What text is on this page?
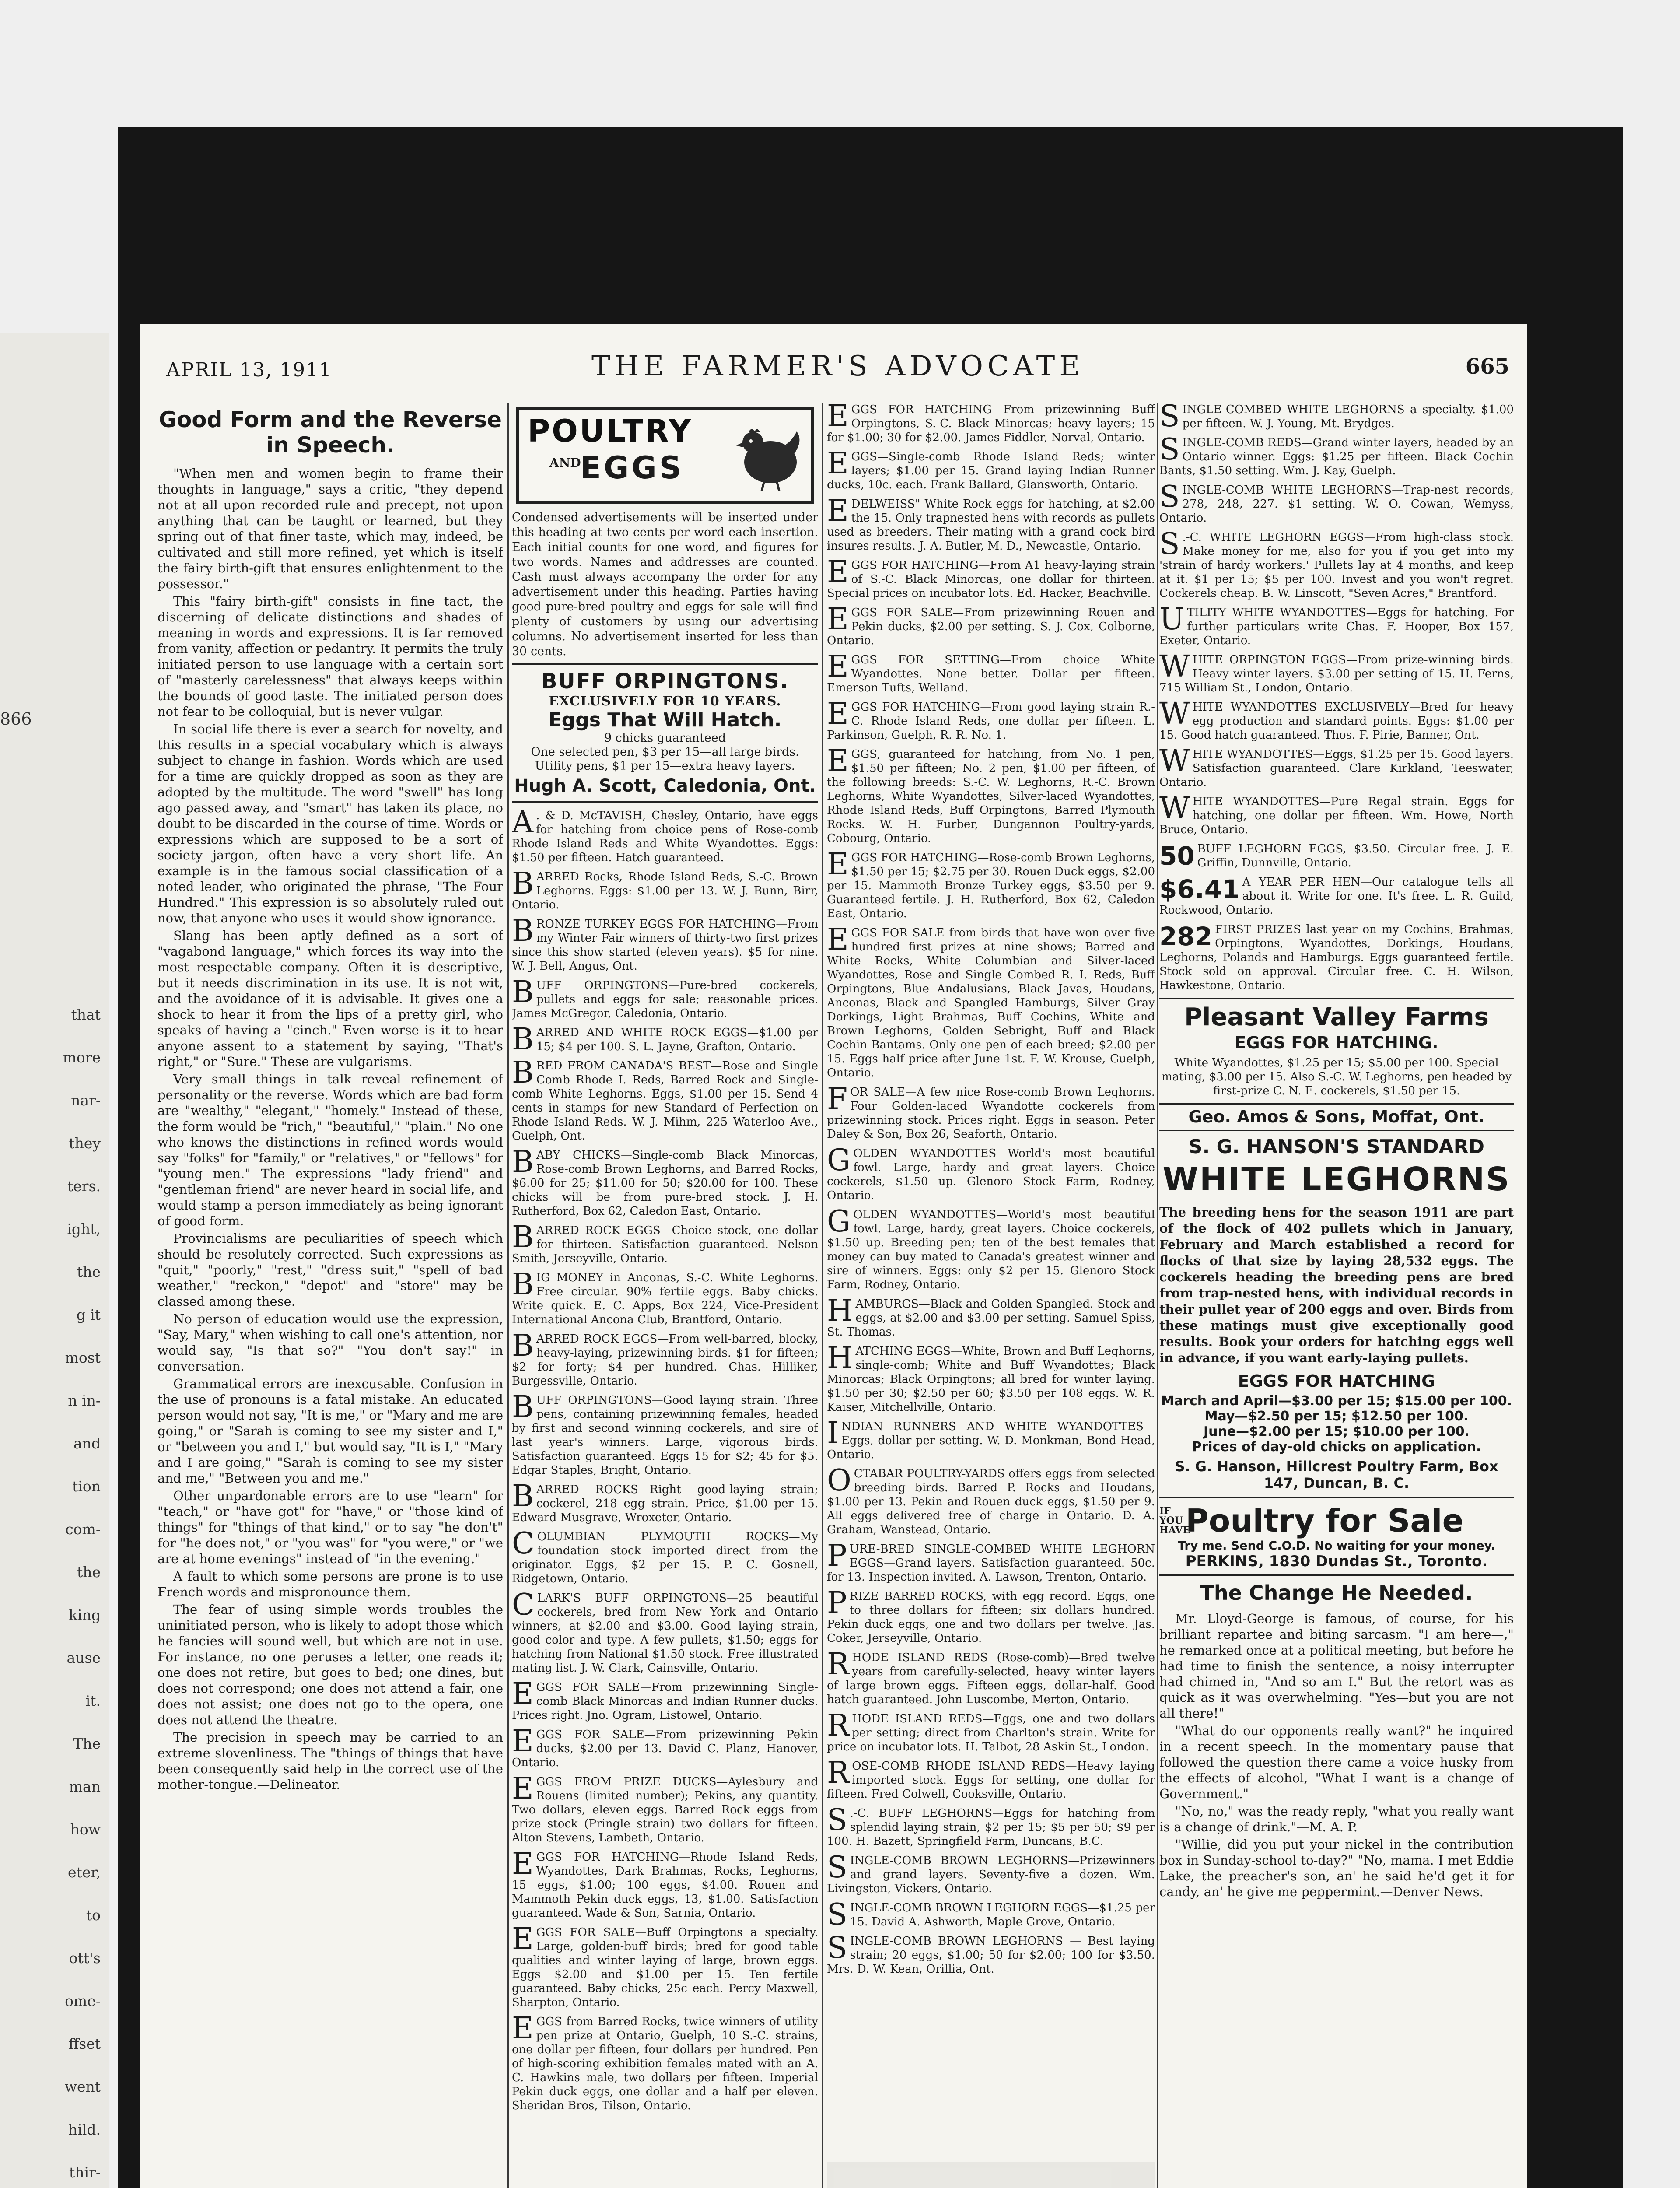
866
that
more
nar-
they
ters.
ight,
the
g it
most
n in-
and
tion
com-
the
king
ause
it.
The
man
how
eter,
to
ott's
ome-
ffset
went
hild.
thir-
APRIL 13, 1911	THE FARMER'S ADVOCATE	665
Good Form and the Reverse in Speech.

"When men and women begin to frame their thoughts in language," says a critic, "they depend not at all upon recorded rule and precept, not upon anything that can be taught or learned, but they spring out of that finer taste, which may, indeed, be cultivated and still more refined, yet which is itself the fairy birth-gift that ensures enlightenment to the possessor."

This "fairy birth-gift" consists in fine tact, the discerning of delicate distinctions and shades of meaning in words and expressions. It is far removed from vanity, affection or pedantry. It permits the truly initiated person to use language with a certain sort of "masterly carelessness" that always keeps within the bounds of good taste. The initiated person does not fear to be colloquial, but is never vulgar.

In social life there is ever a search for novelty, and this results in a special vocabulary which is always subject to change in fashion. Words which are used for a time are quickly dropped as soon as they are adopted by the multitude. The word "swell" has long ago passed away, and "smart" has taken its place, no doubt to be discarded in the course of time. Words or expressions which are supposed to be a sort of society jargon, often have a very short life. An example is in the famous social classification of a noted leader, who originated the phrase, "The Four Hundred." This expression is so absolutely ruled out now, that anyone who uses it would show ignorance.

Slang has been aptly defined as a sort of "vagabond language," which forces its way into the most respectable company. Often it is descriptive, but it needs discrimination in its use. It is not wit, and the avoidance of it is advisable. It gives one a shock to hear it from the lips of a pretty girl, who speaks of having a "cinch." Even worse is it to hear anyone assent to a statement by saying, "That's right," or "Sure." These are vulgarisms.

Very small things in talk reveal refinement of personality or the reverse. Words which are bad form are "wealthy," "elegant," "homely." Instead of these, the form would be "rich," "beautiful," "plain." No one who knows the distinctions in refined words would say "folks" for "family," or "relatives," or "fellows" for "young men." The expressions "lady friend" and "gentleman friend" are never heard in social life, and would stamp a person immediately as being ignorant of good form.

Provincialisms are peculiarities of speech which should be resolutely corrected. Such expressions as "quit," "poorly," "rest," "dress suit," "spell of bad weather," "reckon," "depot" and "store" may be classed among these.

No person of education would use the expression, "Say, Mary," when wishing to call one's attention, nor would say, "Is that so?" "You don't say!" in conversation.

Grammatical errors are inexcusable. Confusion in the use of pronouns is a fatal mistake. An educated person would not say, "It is me," or "Mary and me are going," or "Sarah is coming to see my sister and I," or "between you and I," but would say, "It is I," "Mary and I are going," "Sarah is coming to see my sister and me," "Between you and me."

Other unpardonable errors are to use "learn" for "teach," or "have got" for "have," or "those kind of things" for "things of that kind," or to say "he don't" for "he does not," or "you was" for "you were," or "we are at home evenings" instead of "in the evening."

A fault to which some persons are prone is to use French words and mispronounce them.

The fear of using simple words troubles the uninitiated person, who is likely to adopt those which he fancies will sound well, but which are not in use. For instance, no one peruses a letter, one reads it; one does not retire, but goes to bed; one dines, but does not correspond; one does not attend a fair, one does not assist; one does not go to the opera, one does not attend the theatre.

The precision in speech may be carried to an extreme slovenliness. The "things of things that have been consequently said help in the correct use of the mother-tongue.—Delineator.

POULTRY
AND
EGGS

Condensed advertisements will be inserted under this heading at two cents per word each insertion. Each initial counts for one word, and figures for two words. Names and addresses are counted. Cash must always accompany the order for any advertisement under this heading. Parties having good pure-bred poultry and eggs for sale will find plenty of customers by using our advertising columns. No advertisement inserted for less than 30 cents.

BUFF ORPINGTONS.
EXCLUSIVELY FOR 10 YEARS.
Eggs That Will Hatch.
9 chicks guaranteed
One selected pen, $3 per 15—all large birds. Utility pens, $1 per 15—extra heavy layers.
Hugh A. Scott, Caledonia, Ont.

A . & D. McTAVISH, Chesley, Ontario, have eggs for hatching from choice pens of Rose-comb Rhode Island Reds and White Wyandottes. Eggs: $1.50 per fifteen. Hatch guaranteed.

BARRED Rocks, Rhode Island Reds, S.-C. Brown Leghorns. Eggs: $1.00 per 13. W. J. Bunn, Birr, Ontario.

BRONZE TURKEY EGGS FOR HATCHING—From my Winter Fair winners of thirty-two first prizes since this show started (eleven years). $5 for nine. W. J. Bell, Angus, Ont.

BUFF ORPINGTONS—Pure-bred cockerels, pullets and eggs for sale; reasonable prices. James McGregor, Caledonia, Ontario.

BARRED AND WHITE ROCK EGGS—$1.00 per 15; $4 per 100. S. L. Jayne, Grafton, Ontario.

BRED FROM CANADA'S BEST—Rose and Single Comb Rhode I. Reds, Barred Rock and Single-comb White Leghorns. Eggs, $1.00 per 15. Send 4 cents in stamps for new Standard of Perfection on Rhode Island Reds. W. J. Mihm, 225 Waterloo Ave., Guelph, Ont.

BABY CHICKS—Single-comb Black Minorcas, Rose-comb Brown Leghorns, and Barred Rocks, $6.00 for 25; $11.00 for 50; $20.00 for 100. These chicks will be from pure-bred stock. J. H. Rutherford, Box 62, Caledon East, Ontario.

BARRED ROCK EGGS—Choice stock, one dollar for thirteen. Satisfaction guaranteed. Nelson Smith, Jerseyville, Ontario.

BIG MONEY in Anconas, S.-C. White Leghorns. Free circular. 90% fertile eggs. Baby chicks. Write quick. E. C. Apps, Box 224, Vice-President International Ancona Club, Brantford, Ontario.

BARRED ROCK EGGS—From well-barred, blocky, heavy-laying, prizewinning birds. $1 for fifteen; $2 for forty; $4 per hundred. Chas. Hilliker, Burgessville, Ontario.

BUFF ORPINGTONS—Good laying strain. Three pens, containing prizewinning females, headed by first and second winning cockerels, and sire of last year's winners. Large, vigorous birds. Satisfaction guaranteed. Eggs 15 for $2; 45 for $5. Edgar Staples, Bright, Ontario.

BARRED ROCKS—Right good-laying strain; cockerel, 218 egg strain. Price, $1.00 per 15. Edward Musgrave, Wroxeter, Ontario.

COLUMBIAN PLYMOUTH ROCKS—My foundation stock imported direct from the originator. Eggs, $2 per 15. P. C. Gosnell, Ridgetown, Ontario.

CLARK'S BUFF ORPINGTONS—25 beautiful cockerels, bred from New York and Ontario winners, at $2.00 and $3.00. Good laying strain, good color and type. A few pullets, $1.50; eggs for hatching from National $1.50 stock. Free illustrated mating list. J. W. Clark, Cainsville, Ontario.

EGGS FOR SALE—From prizewinning Single-comb Black Minorcas and Indian Runner ducks. Prices right. Jno. Ogram, Listowel, Ontario.

EGGS FOR SALE—From prizewinning Pekin ducks, $2.00 per 13. David C. Planz, Hanover, Ontario.

EGGS FROM PRIZE DUCKS—Aylesbury and Rouens (limited number); Pekins, any quantity. Two dollars, eleven eggs. Barred Rock eggs from prize stock (Pringle strain) two dollars for fifteen. Alton Stevens, Lambeth, Ontario.

EGGS FOR HATCHING—Rhode Island Reds, Wyandottes, Dark Brahmas, Rocks, Leghorns, 15 eggs, $1.00; 100 eggs, $4.00. Rouen and Mammoth Pekin duck eggs, 13, $1.00. Satisfaction guaranteed. Wade & Son, Sarnia, Ontario.

EGGS FOR SALE—Buff Orpingtons a specialty. Large, golden-buff birds; bred for good table qualities and winter laying of large, brown eggs. Eggs $2.00 and $1.00 per 15. Ten fertile guaranteed. Baby chicks, 25c each. Percy Maxwell, Sharpton, Ontario.

EGGS from Barred Rocks, twice winners of utility pen prize at Ontario, Guelph, 10 S.-C. strains, one dollar per fifteen, four dollars per hundred. Pen of high-scoring exhibition females mated with an A. C. Hawkins male, two dollars per fifteen. Imperial Pekin duck eggs, one dollar and a half per eleven. Sheridan Bros, Tilson, Ontario.

EGGS FOR HATCHING—From prizewinning Buff Orpingtons, S.-C. Black Minorcas; heavy layers; 15 for $1.00; 30 for $2.00. James Fiddler, Norval, Ontario.

EGGS—Single-comb Rhode Island Reds; winter layers; $1.00 per 15. Grand laying Indian Runner ducks, 10c. each. Frank Ballard, Glansworth, Ontario.

EDELWEISS" White Rock eggs for hatching, at $2.00 the 15. Only trapnested hens with records as pullets used as breeders. Their mating with a grand cock bird insures results. J. A. Butler, M. D., Newcastle, Ontario.

EGGS FOR HATCHING—From A1 heavy-laying strain of S.-C. Black Minorcas, one dollar for thirteen. Special prices on incubator lots. Ed. Hacker, Beachville.

EGGS FOR SALE—From prizewinning Rouen and Pekin ducks, $2.00 per setting. S. J. Cox, Colborne, Ontario.

EGGS FOR SETTING—From choice White Wyandottes. None better. Dollar per fifteen. Emerson Tufts, Welland.

EGGS FOR HATCHING—From good laying strain R.-C. Rhode Island Reds, one dollar per fifteen. L. Parkinson, Guelph, R. R. No. 1.

EGGS, guaranteed for hatching, from No. 1 pen, $1.50 per fifteen; No. 2 pen, $1.00 per fifteen, of the following breeds: S.-C. W. Leghorns, R.-C. Brown Leghorns, White Wyandottes, Silver-laced Wyandottes, Rhode Island Reds, Buff Orpingtons, Barred Plymouth Rocks. W. H. Furber, Dungannon Poultry-yards, Cobourg, Ontario.

EGGS FOR HATCHING—Rose-comb Brown Leghorns, $1.50 per 15; $2.75 per 30. Rouen Duck eggs, $2.00 per 15. Mammoth Bronze Turkey eggs, $3.50 per 9. Guaranteed fertile. J. H. Rutherford, Box 62, Caledon East, Ontario.

EGGS FOR SALE from birds that have won over five hundred first prizes at nine shows; Barred and White Rocks, White Columbian and Silver-laced Wyandottes, Rose and Single Combed R. I. Reds, Buff Orpingtons, Blue Andalusians, Black Javas, Houdans, Anconas, Black and Spangled Hamburgs, Silver Gray Dorkings, Light Brahmas, Buff Cochins, White and Brown Leghorns, Golden Sebright, Buff and Black Cochin Bantams. Only one pen of each breed; $2.00 per 15. Eggs half price after June 1st. F. W. Krouse, Guelph, Ontario.

FOR SALE—A few nice Rose-comb Brown Leghorns. Four Golden-laced Wyandotte cockerels from prizewinning stock. Prices right. Eggs in season. Peter Daley & Son, Box 26, Seaforth, Ontario.

GOLDEN WYANDOTTES—World's most beautiful fowl. Large, hardy and great layers. Choice cockerels, $1.50 up. Glenoro Stock Farm, Rodney, Ontario.

GOLDEN WYANDOTTES—World's most beautiful fowl. Large, hardy, great layers. Choice cockerels, $1.50 up. Breeding pen; ten of the best females that money can buy mated to Canada's greatest winner and sire of winners. Eggs: only $2 per 15. Glenoro Stock Farm, Rodney, Ontario.

HAMBURGS—Black and Golden Spangled. Stock and eggs, at $2.00 and $3.00 per setting. Samuel Spiss, St. Thomas.

HATCHING EGGS—White, Brown and Buff Leghorns, single-comb; White and Buff Wyandottes; Black Minorcas; Black Orpingtons; all bred for winter laying. $1.50 per 30; $2.50 per 60; $3.50 per 108 eggs. W. R. Kaiser, Mitchellville, Ontario.

INDIAN RUNNERS AND WHITE WYANDOTTES—Eggs, dollar per setting. W. D. Monkman, Bond Head, Ontario.

OCTABAR POULTRY-YARDS offers eggs from selected breeding birds. Barred P. Rocks and Houdans, $1.00 per 13. Pekin and Rouen duck eggs, $1.50 per 9. All eggs delivered free of charge in Ontario. D. A. Graham, Wanstead, Ontario.

PURE-BRED SINGLE-COMBED WHITE LEGHORN EGGS—Grand layers. Satisfaction guaranteed. 50c. for 13. Inspection invited. A. Lawson, Trenton, Ontario.

PRIZE BARRED ROCKS, with egg record. Eggs, one to three dollars for fifteen; six dollars hundred. Pekin duck eggs, one and two dollars per twelve. Jas. Coker, Jerseyville, Ontario.

RHODE ISLAND REDS (Rose-comb)—Bred twelve years from carefully-selected, heavy winter layers of large brown eggs. Fifteen eggs, dollar-half. Good hatch guaranteed. John Luscombe, Merton, Ontario.

RHODE ISLAND REDS—Eggs, one and two dollars per setting; direct from Charlton's strain. Write for price on incubator lots. H. Talbot, 28 Askin St., London.

ROSE-COMB RHODE ISLAND REDS—Heavy laying imported stock. Eggs for setting, one dollar for fifteen. Fred Colwell, Cooksville, Ontario.

S .-C. BUFF LEGHORNS—Eggs for hatching from splendid laying strain, $2 per 15; $5 per 50; $9 per 100. H. Bazett, Springfield Farm, Duncans, B.C.

SINGLE-COMB BROWN LEGHORNS—Prizewinners and grand layers. Seventy-five a dozen. Wm. Livingston, Vickers, Ontario.

SINGLE-COMB BROWN LEGHORN EGGS—$1.25 per 15. David A. Ashworth, Maple Grove, Ontario.

SINGLE-COMB BROWN LEGHORNS — Best laying strain; 20 eggs, $1.00; 50 for $2.00; 100 for $3.50. Mrs. D. W. Kean, Orillia, Ont.

SINGLE-COMBED WHITE LEGHORNS a specialty. $1.00 per fifteen. W. J. Young, Mt. Brydges.

SINGLE-COMB REDS—Grand winter layers, headed by an Ontario winner. Eggs: $1.25 per fifteen. Black Cochin Bants, $1.50 setting. Wm. J. Kay, Guelph.

SINGLE-COMB WHITE LEGHORNS—Trap-nest records, 278, 248, 227. $1 setting. W. O. Cowan, Wemyss, Ontario.

S .-C. WHITE LEGHORN EGGS—From high-class stock. Make money for me, also for you if you get into my 'strain of hardy workers.' Pullets lay at 4 months, and keep at it. $1 per 15; $5 per 100. Invest and you won't regret. Cockerels cheap. B. W. Linscott, "Seven Acres," Brantford.

UTILITY WHITE WYANDOTTES—Eggs for hatching. For further particulars write Chas. F. Hooper, Box 157, Exeter, Ontario.

WHITE ORPINGTON EGGS—From prize-winning birds. Heavy winter layers. $3.00 per setting of 15. H. Ferns, 715 William St., London, Ontario.

WHITE WYANDOTTES EXCLUSIVELY—Bred for heavy egg production and standard points. Eggs: $1.00 per 15. Good hatch guaranteed. Thos. F. Pirie, Banner, Ont.

WHITE WYANDOTTES—Eggs, $1.25 per 15. Good layers. Satisfaction guaranteed. Clare Kirkland, Teeswater, Ontario.

WHITE WYANDOTTES—Pure Regal strain. Eggs for hatching, one dollar per fifteen. Wm. Howe, North Bruce, Ontario.

50 BUFF LEGHORN EGGS, $3.50. Circular free. J. E. Griffin, Dunnville, Ontario.

$6.41 A YEAR PER HEN—Our catalogue tells all about it. Write for one. It's free. L. R. Guild, Rockwood, Ontario.

282 FIRST PRIZES last year on my Cochins, Brahmas, Orpingtons, Wyandottes, Dorkings, Houdans, Leghorns, Polands and Hamburgs. Eggs guaranteed fertile. Stock sold on approval. Circular free. C. H. Wilson, Hawkestone, Ontario.

Pleasant Valley Farms
EGGS FOR HATCHING.

White Wyandottes, $1.25 per 15; $5.00 per 100. Special mating, $3.00 per 15. Also S.-C. W. Leghorns, pen headed by first-prize C. N. E. cockerels, $1.50 per 15.

Geo. Amos & Sons, Moffat, Ont.
S. G. HANSON'S STANDARD
WHITE LEGHORNS

The breeding hens for the season 1911 are part of the flock of 402 pullets which in January, February and March established a record for flocks of that size by laying 28,532 eggs. The cockerels heading the breeding pens are bred from trap-nested hens, with individual records in their pullet year of 200 eggs and over. Birds from these matings must give exceptionally good results. Book your orders for hatching eggs well in advance, if you want early-laying pullets.

EGGS FOR HATCHING
March and April—$3.00 per 15; $15.00 per 100.
May—$2.50 per 15; $12.50 per 100.
June—$2.00 per 15; $10.00 per 100.
Prices of day-old chicks on application.
S. G. Hanson, Hillcrest Poultry Farm, Box 147, Duncan, B. C.
IF
YOU
HAVE
Poultry for Sale
Try me. Send C.O.D. No waiting for your money.
PERKINS, 1830 Dundas St., Toronto.
The Change He Needed.

Mr. Lloyd-George is famous, of course, for his brilliant repartee and biting sarcasm. "I am here—," he remarked once at a political meeting, but before he had time to finish the sentence, a noisy interrupter had chimed in, "And so am I." But the retort was as quick as it was overwhelming. "Yes—but you are not all there!"

"What do our opponents really want?" he inquired in a recent speech. In the momentary pause that followed the question there came a voice husky from the effects of alcohol, "What I want is a change of Government."

"No, no," was the ready reply, "what you really want is a change of drink."—M. A. P.

"Willie, did you put your nickel in the contribution box in Sunday-school to-day?" "No, mama. I met Eddie Lake, the preacher's son, an' he said he'd get it for candy, an' he give me peppermint.—Denver News.
